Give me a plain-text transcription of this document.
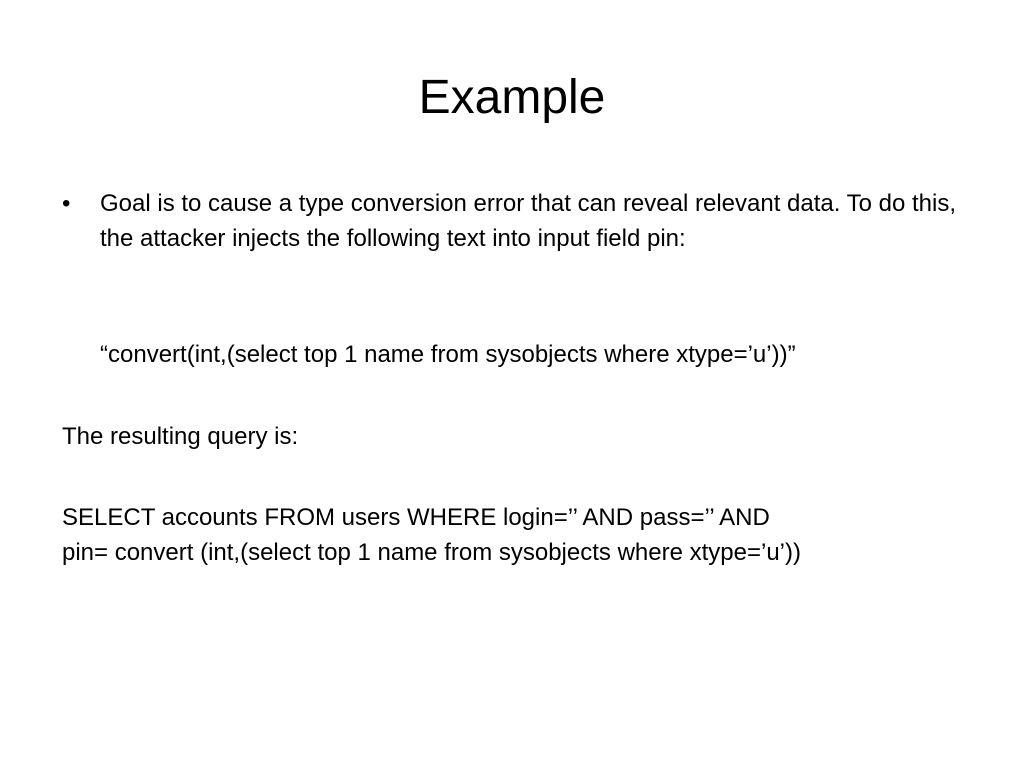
Example
•	Goal is to cause a type conversion error that can reveal relevant data. To do this, the attacker injects the following text into input field pin:
“convert(int,(select top 1 name from sysobjects where xtype=’u’))”
The resulting query is:
SELECT accounts FROM users WHERE login=’’ AND pass=’’ AND
pin= convert (int,(select top 1 name from sysobjects where xtype=’u’))
